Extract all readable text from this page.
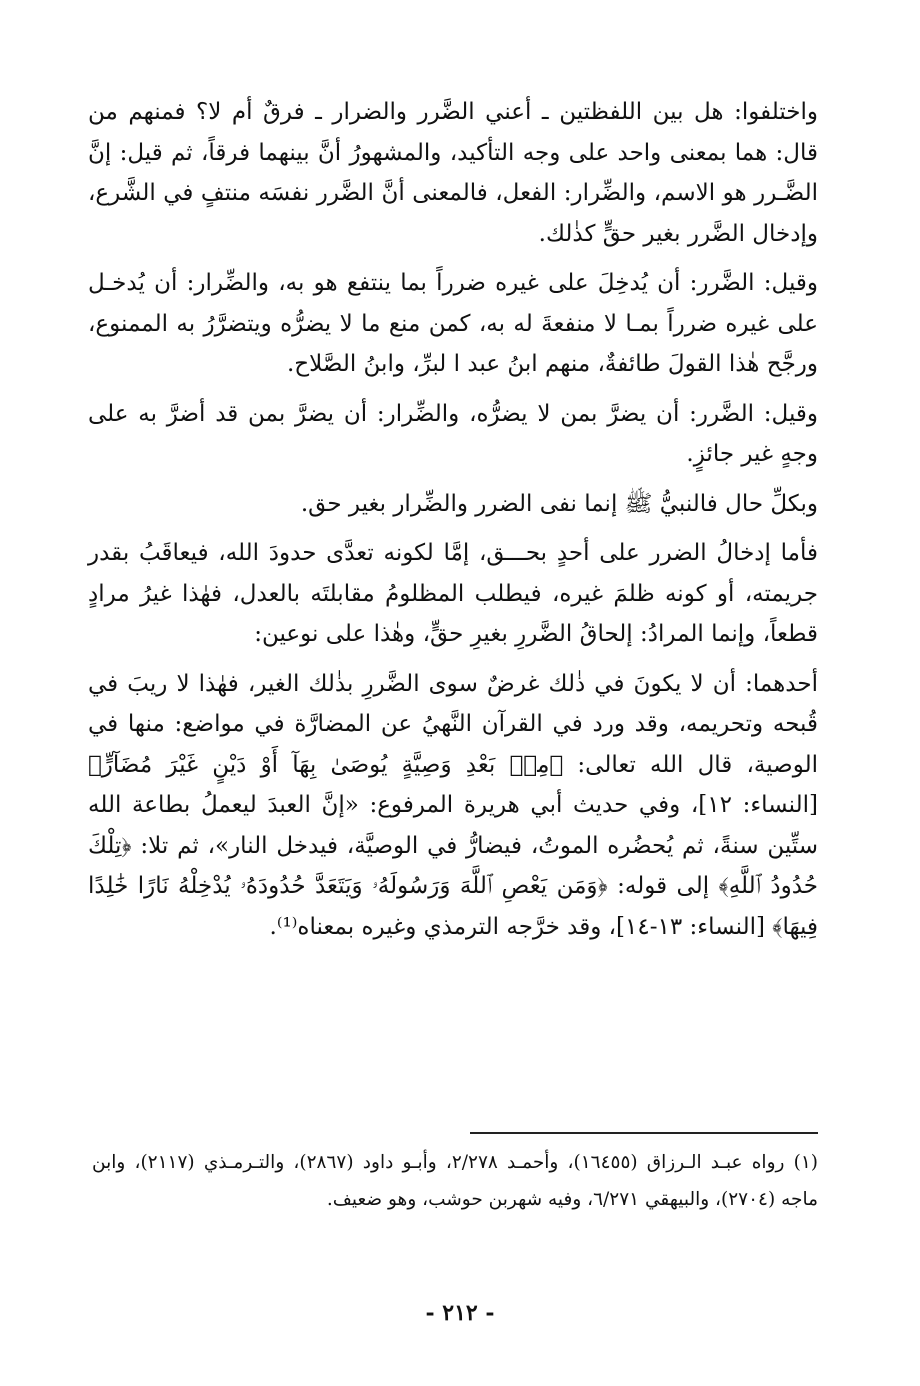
واختلفوا: هل بين اللفظتين ـ أعني الضَّرر والضرار ـ فرقٌ أم لا؟ فمنهم من قال: هما بمعنى واحد على وجه التأكيد، والمشهورُ أنَّ بينهما فرقاً، ثم قيل: إنَّ الضَّـرر هو الاسم، والضِّرار: الفعل، فالمعنى أنَّ الضَّرر نفسَه منتفٍ في الشَّرع، وإدخال الضَّرر بغير حقٍّ كذٰلك.

وقيل: الضَّرر: أن يُدخِلَ على غيره ضرراً بما ينتفع هو به، والضِّرار: أن يُدخـل على غيره ضرراً بمـا لا منفعةَ له به، كمن منع ما لا يضرُّه ويتضرَّرُ به الممنوع، ورجَّح هٰذا القولَ طائفةٌ، منهم ابنُ عبد ا لبرِّ، وابنُ الصَّلاح.

وقيل: الضَّرر: أن يضرَّ بمن لا يضرُّه، والضِّرار: أن يضرَّ بمن قد أضرَّ به على وجهٍ غير جائزٍ.

وبكلِّ حال فالنبيُّ ﷺ إنما نفى الضرر والضِّرار بغير حق.

فأما إدخالُ الضرر على أحدٍ بحـــق، إمَّا لكونه تعدَّى حدودَ الله، فيعاقَبُ بقدر جريمته، أو كونه ظلمَ غيره، فيطلب المظلومُ مقابلتَه بالعدل، فهٰذا غيرُ مرادٍ قطعاً، وإنما المرادُ: إلحاقُ الضَّررِ بغيرِ حقٍّ، وهٰذا على نوعين:

أحدهما: أن لا يكونَ في ذٰلك غرضٌ سوى الضَّررِ بذٰلك الغير، فهٰذا لا ريبَ في قُبحه وتحريمه، وقد ورد في القرآن النَّهيُ عن المضارَّة في مواضع: منها في الوصية، قال الله تعالى: ﴿مِنۢ بَعْدِ وَصِيَّةٍ يُوصَىٰ بِهَآ أَوْ دَيْنٍ غَيْرَ مُضَآرٍّ﴾ [النساء: ١٢]، وفي حديث أبي هريرة المرفوع: «إنَّ العبدَ ليعملُ بطاعة الله ستِّين سنةً، ثم يُحضُره الموتُ، فيضارُّ في الوصيَّة، فيدخل النار»، ثم تلا: ﴿تِلْكَ حُدُودُ ٱللَّهِ﴾ إلى قوله: ﴿وَمَن يَعْصِ ٱللَّهَ وَرَسُولَهُۥ وَيَتَعَدَّ حُدُودَهُۥ يُدْخِلْهُ نَارًا خَٰلِدًا فِيهَا﴾ [النساء: ١٣-١٤]، وقد خرَّجه الترمذي وغيره بمعناه⁽¹⁾.

(١) رواه عبـد الـرزاق (١٦٤٥٥)، وأحمـد ٢/٢٧٨، وأبـو داود (٢٨٦٧)، والتـرمـذي (٢١١٧)، وابن ماجه (٢٧٠٤)، والبيهقي ٦/٢٧١، وفيه شهربن حوشب، وهو ضعيف.

- ٢١٢ -
